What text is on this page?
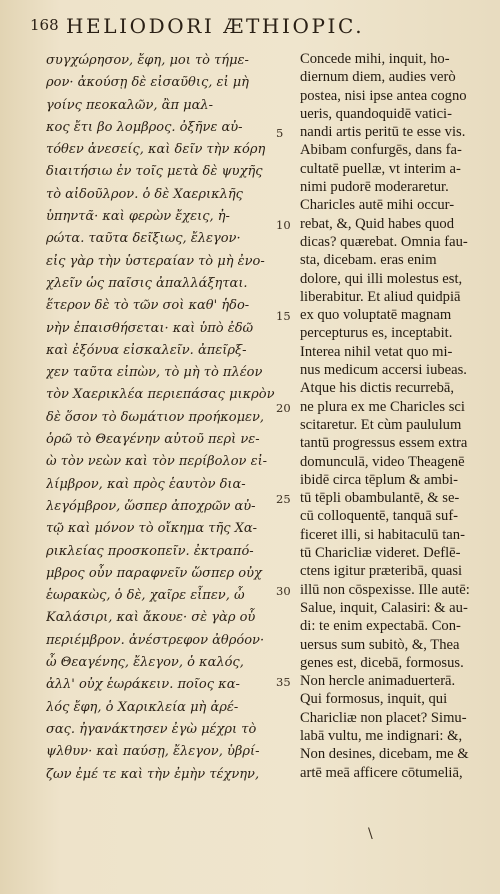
168 HELIODORI ÆTHIOPIC.
συγχώρησον, ἔφη, μοι τὸ τήμε-
ρον· ἀκούσῃ δὲ εἰσαῦθις, εἰ μὴ
γοίνς πεοκαλῶν, ἂπ μαλ-
κος ἔτι βο λομβρος. ὀξῆνε αὐ-
τόθεν ἀνεσείς, καὶ δεῖν τὴν κόρη
διαιτήσιω ἐν τοῖς μετὰ δὲ ψυχῆς
τὸ αἰδοῦλρον. ὁ δὲ Χαερικλῆς
ὑπηντᾶ· καὶ φερὼν ἔχεις, ἠ-
ρώτα. ταῦτα δεῖξιως, ἔλεγον·
εἰς γὰρ τὴν ὑστεραίαν τὸ μὴ ἐνο-
χλεῖν ὡς παῖσις ἀπαλλάξηται.
ἕτερον δὲ τὸ τῶν σοὶ καθ' ἡδο-
νὴν ἐπαισθήσεται· καὶ ὑπὸ ἐδῶ
καὶ ἐξόνυα εἰσκαλεῖν. ἀπεῖρξ-
χεν ταῦτα εἰπὼν, τὸ μὴ τὸ πλέον
τὸν Χαερικλέα περιεπάσας μικρὸν
δὲ ὅσον τὸ δωμάτιον προήκομεν,
ὁρῶ τὸ Θεαγένην αὐτοῦ περὶ νε-
ὼ τὸν νεὼν καὶ τὸν περίβολον εἰ-
λίμβρον, καὶ πρὸς ἑαυτὸν δια-
λεγόμβρον, ὥσπερ ἀποχρῶν αὐ-
τῷ καὶ μόνον τὸ οἴκημα τῆς Χα-
ρικλείας προσκοπεῖν. ἐκτραπό-
μβρος οὖν παραφνεῖν ὥσπερ οὐχ
ἑωρακὼς, ὁ δὲ, χαῖρε εἶπεν, ὦ
Καλάσιρι, καὶ ἄκουε· σὲ γὰρ οὗ
περιέμβρον. ἀνέστρεφον ἀθρόον·
ὦ Θεαγένης, ἔλεγον, ὁ καλός,
ἀλλ' οὐχ ἑωράκειν. ποῖος κα-
λός ἔφη, ὁ Χαρικλεία μὴ ἀρέ-
σας. ἠγανάκτησεν ἐγὼ μέχρι τὸ
ψλθυν· καὶ παύσῃ, ἔλεγον, ὑβρί-
ζων ἐμέ τε καὶ τὴν ἐμὴν τέχνην,
5
10
15
20
25
30
35
Concede mihi, inquit, ho-
diernum diem, audies verò
postea, nisi ipse antea cogno
ueris, quandoquidē vatici-
nandi artis peritū te esse vis.
Abibam confurgēs, dans fa-
cultatē puellæ, vt interim a-
nimi pudorē moderaretur.
Charicles autē mihi occur-
rebat, &, Quid habes quod
dicas? quærebat. Omnia fau-
sta, dicebam. eras enim
dolore, qui illi molestus est,
liberabitur. Et aliud quidpiā
ex quo voluptatē magnam
percepturus es, inceptabit.
Interea nihil vetat quo mi-
nus medicum accersi iubeas.
Atque his dictis recurrebā,
ne plura ex me Charicles sci
scitaretur. Et cùm paululum
tantū progressus essem extra
domunculā, video Theagenē
ibidē circa tēplum & ambi-
tū tēpli obambulantē, & se-
cū colloquentē, tanquā suf-
ficeret illi, si habitaculū tan-
tū Charicliæ videret. Deflē-
ctens igitur præteribā, quasi
illū non cōspexisse. Ille autē:
Salue, inquit, Calasiri: & au-
di: te enim expectabā. Con-
uersus sum subitò, &, Thea
genes est, dicebā, formosus.
Non hercle animaduerterā.
Qui formosus, inquit, qui
Charicliæ non placet? Simu-
labā vultu, me indignari: &,
Non desines, dicebam, me &
artē meā afficere cōtumeliā,
\
